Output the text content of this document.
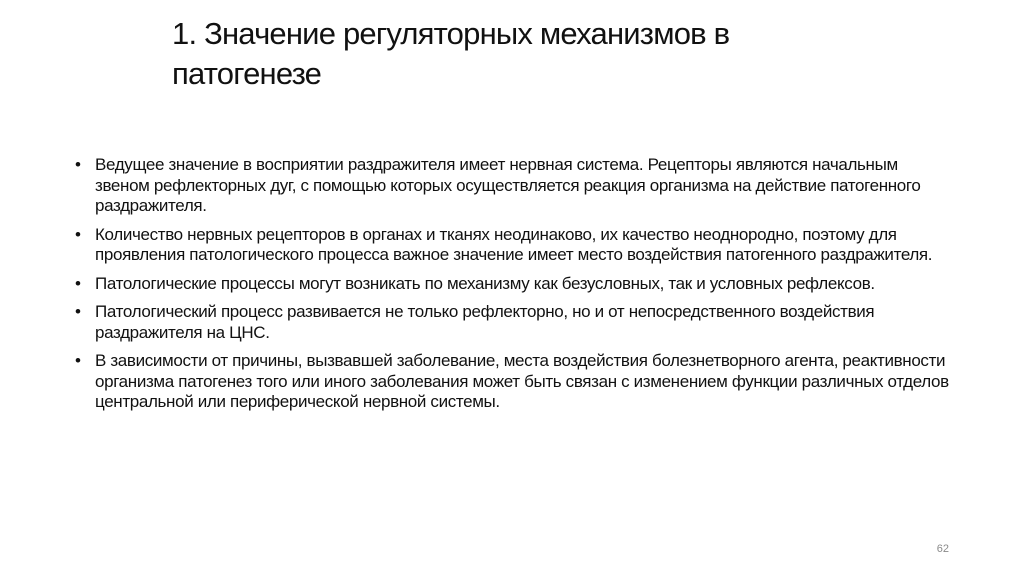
1. Значение регуляторных механизмов в патогенезе
• Ведущее значение в восприятии раздражителя имеет нервная система. Рецепторы являются начальным звеном рефлекторных дуг, с помощью которых осуществляется реакция организма на действие патогенного раздражителя.
• Количество нервных рецепторов в органах и тканях неодинаково, их качество неоднородно, поэтому для проявления патологического процесса важное значение имеет место воздействия патогенного раздражителя.
• Патологические процессы могут возникать по механизму как безусловных, так и условных рефлексов.
• Патологический процесс развивается не только рефлекторно, но и от непосредственного воздействия раздражителя на ЦНС.
• В зависимости от причины, вызвавшей заболевание, места воздействия болезнетворного агента, реактивности организма патогенез того или иного заболевания может быть связан с изменением функции различных отделов центральной или периферической нервной системы.
62
